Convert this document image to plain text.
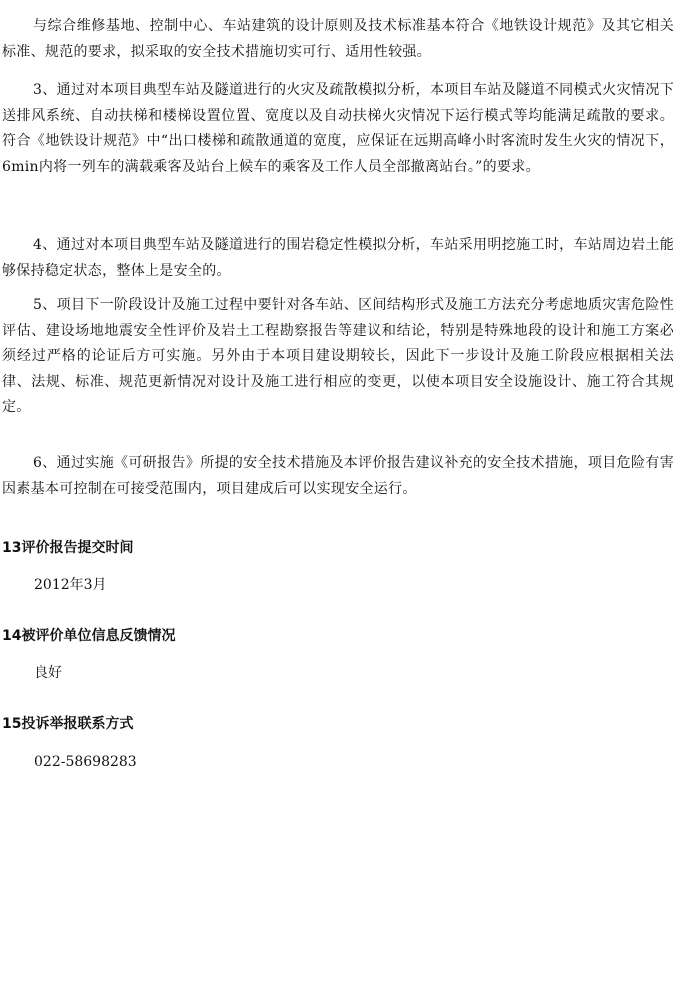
与综合维修基地、控制中心、车站建筑的设计原则及技术标准基本符合《地铁设计规范》及其它相关标准、规范的要求，拟采取的安全技术措施切实可行、适用性较强。

3、通过对本项目典型车站及隧道进行的火灾及疏散模拟分析，本项目车站及隧道不同模式火灾情况下送排风系统、自动扶梯和楼梯设置位置、宽度以及自动扶梯火灾情况下运行模式等均能满足疏散的要求。符合《地铁设计规范》中“出口楼梯和疏散通道的宽度，应保证在远期高峰小时客流时发生火灾的情况下，6min内将一列车的满载乘客及站台上候车的乘客及工作人员全部撤离站台。”的要求。

4、通过对本项目典型车站及隧道进行的围岩稳定性模拟分析，车站采用明挖施工时，车站周边岩土能够保持稳定状态，整体上是安全的。

5、项目下一阶段设计及施工过程中要针对各车站、区间结构形式及施工方法充分考虑地质灾害危险性评估、建设场地地震安全性评价及岩土工程勘察报告等建议和结论，特别是特殊地段的设计和施工方案必须经过严格的论证后方可实施。另外由于本项目建设期较长，因此下一步设计及施工阶段应根据相关法律、法规、标准、规范更新情况对设计及施工进行相应的变更，以使本项目安全设施设计、施工符合其规定。

6、通过实施《可研报告》所提的安全技术措施及本评价报告建议补充的安全技术措施，项目危险有害因素基本可控制在可接受范围内，项目建成后可以实现安全运行。

13评价报告提交时间

2012年3月

14被评价单位信息反馈情况

良好

15投诉举报联系方式

022-58698283
